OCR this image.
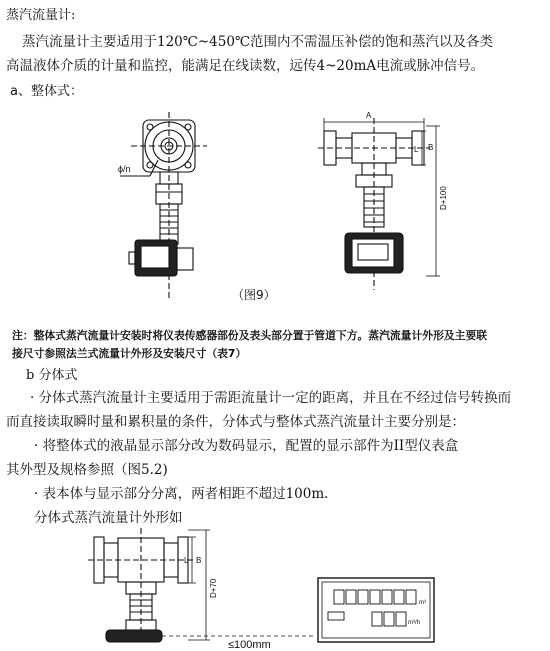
蒸汽流量计:
蒸汽流量计主要适用于120℃~450℃范围内不需温压补偿的饱和蒸汽以及各类
高温液体介质的计量和监控，能满足在线读数，远传4~20mA电流或脉冲信号。
a、整体式：
ϕ/n
A
L B
D+100
L B
D+70
≤100mm
m³
m³/h
（图9）
注：整体式蒸汽流量计安装时将仪表传感器部份及表头部分置于管道下方。蒸汽流量计外形及主要联
接尺寸参照法兰式流量计外形及安装尺寸（表7）
b 分体式
· 分体式蒸汽流量计主要适用于需距流量计一定的距离，并且在不经过信号转换而
而直接读取瞬时量和累积量的条件，分体式与整体式蒸汽流量计主要分别是：
· 将整体式的液晶显示部分改为数码显示，配置的显示部件为II型仪表盒
其外型及规格参照（图5.2)
· 表本体与显示部分分离，两者相距不超过100m.
分体式蒸汽流量计外形如
